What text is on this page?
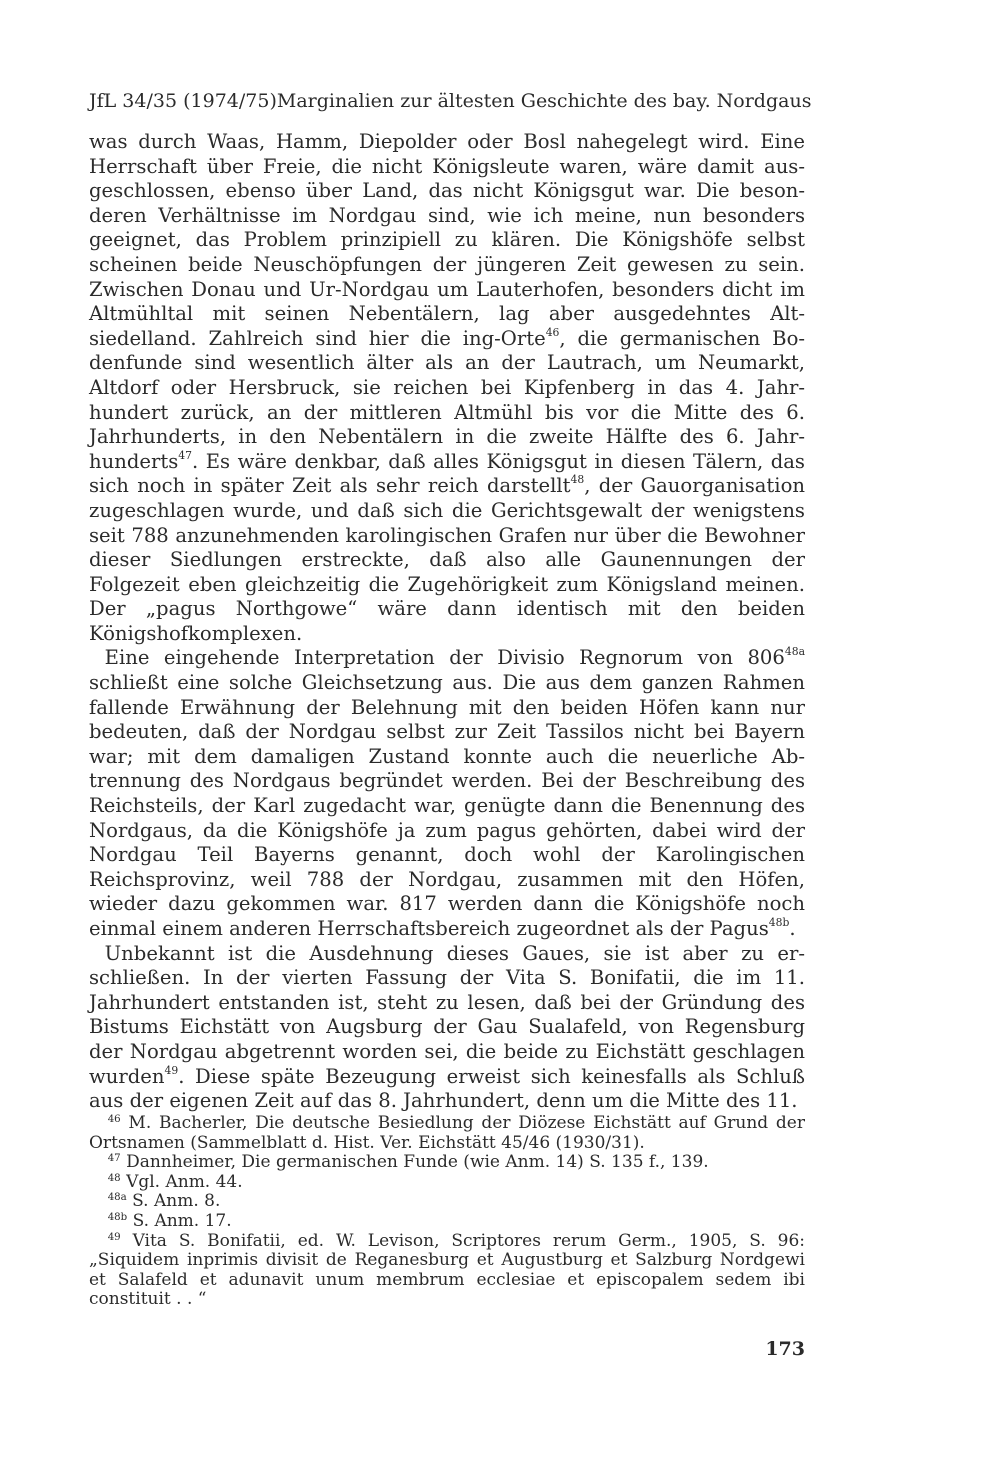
JfL 34/35 (1974/75) Marginalien zur ältesten Geschichte des bay. Nordgaus

was durch Waas, Hamm, Diepolder oder Bosl nahegelegt wird. Eine Herrschaft über Freie, die nicht Königsleute waren, wäre damit ausgeschlossen, ebenso über Land, das nicht Königsgut war. Die besonderen Verhältnisse im Nordgau sind, wie ich meine, nun besonders geeignet, das Problem prinzipiell zu klären. Die Königshöfe selbst scheinen beide Neuschöpfungen der jüngeren Zeit gewesen zu sein. Zwischen Donau und Ur-Nordgau um Lauterhofen, besonders dicht im Altmühltal mit seinen Nebentälern, lag aber ausgedehntes Altsiedelland. Zahlreich sind hier die ing-Orte$^{46}$, die germanischen Bodenfunde sind wesentlich älter als an der Lautrach, um Neumarkt, Altdorf oder Hersbruck, sie reichen bei Kipfenberg in das 4. Jahrhundert zurück, an der mittleren Altmühl bis vor die Mitte des 6. Jahrhunderts, in den Nebentälern in die zweite Hälfte des 6. Jahrhunderts$^{47}$. Es wäre denkbar, daß alles Königsgut in diesen Tälern, das sich noch in später Zeit als sehr reich darstellt$^{48}$, der Gauorganisation zugeschlagen wurde, und daß sich die Gerichtsgewalt der wenigstens seit 788 anzunehmenden karolingischen Grafen nur über die Bewohner dieser Siedlungen erstreckte, daß also alle Gaunennungen der Folgezeit eben gleichzeitig die Zugehörigkeit zum Königsland meinen. Der „pagus Northgowe“ wäre dann identisch mit den beiden Königshofkomplexen.

Eine eingehende Interpretation der Divisio Regnorum von $806^{48a}$ schließt eine solche Gleichsetzung aus. Die aus dem ganzen Rahmen fallende Erwähnung der Belehnung mit den beiden Höfen kann nur bedeuten, daß der Nordgau selbst zur Zeit Tassilos nicht bei Bayern war; mit dem damaligen Zustand konnte auch die neuerliche Abtrennung des Nordgaus begründet werden. Bei der Beschreibung des Reichsteils, der Karl zugedacht war, genügte dann die Benennung des Nordgaus, da die Königshöfe ja zum pagus gehörten, dabei wird der Nordgau Teil Bayerns genannt, doch wohl der Karolingischen Reichsprovinz, weil 788 der Nordgau, zusammen mit den Höfen, wieder dazu gekommen war. 817 werden dann die Königshöfe noch einmal einem anderen Herrschaftsbereich zugeordnet als der Pagus$^{48b}$.

Unbekannt ist die Ausdehnung dieses Gaues, sie ist aber zu erschließen. In der vierten Fassung der Vita S. Bonifatii, die im 11. Jahrhundert entstanden ist, steht zu lesen, daß bei der Gründung des Bistums Eichstätt von Augsburg der Gau Sualafeld, von Regensburg der Nordgau abgetrennt worden sei, die beide zu Eichstätt geschlagen wurden$^{49}$. Diese späte Bezeugung erweist sich keinesfalls als Schluß aus der eigenen Zeit auf das 8. Jahrhundert, denn um die Mitte des 11.

$^{46}$ M. Bacherler, Die deutsche Besiedlung der Diözese Eichstätt auf Grund der Ortsnamen (Sammelblatt d. Hist. Ver. Eichstätt 45/46 (1930/31).

$^{47}$ Dannheimer, Die germanischen Funde (wie Anm. 14) S. 135 f., 139.

$^{48}$ Vgl. Anm. 44.

$^{48a}$ S. Anm. 8.

$^{48b}$ S. Anm. 17.

$^{49}$ Vita S. Bonifatii, ed. W. Levison, Scriptores rerum Germ., 1905, S. 96: „Siquidem inprimis divisit de Reganesburg et Augustburg et Salzburg Nordgewi et Salafeld et adunavit unum membrum ecclesiae et episcopalem sedem ibi constituit . . “

173
